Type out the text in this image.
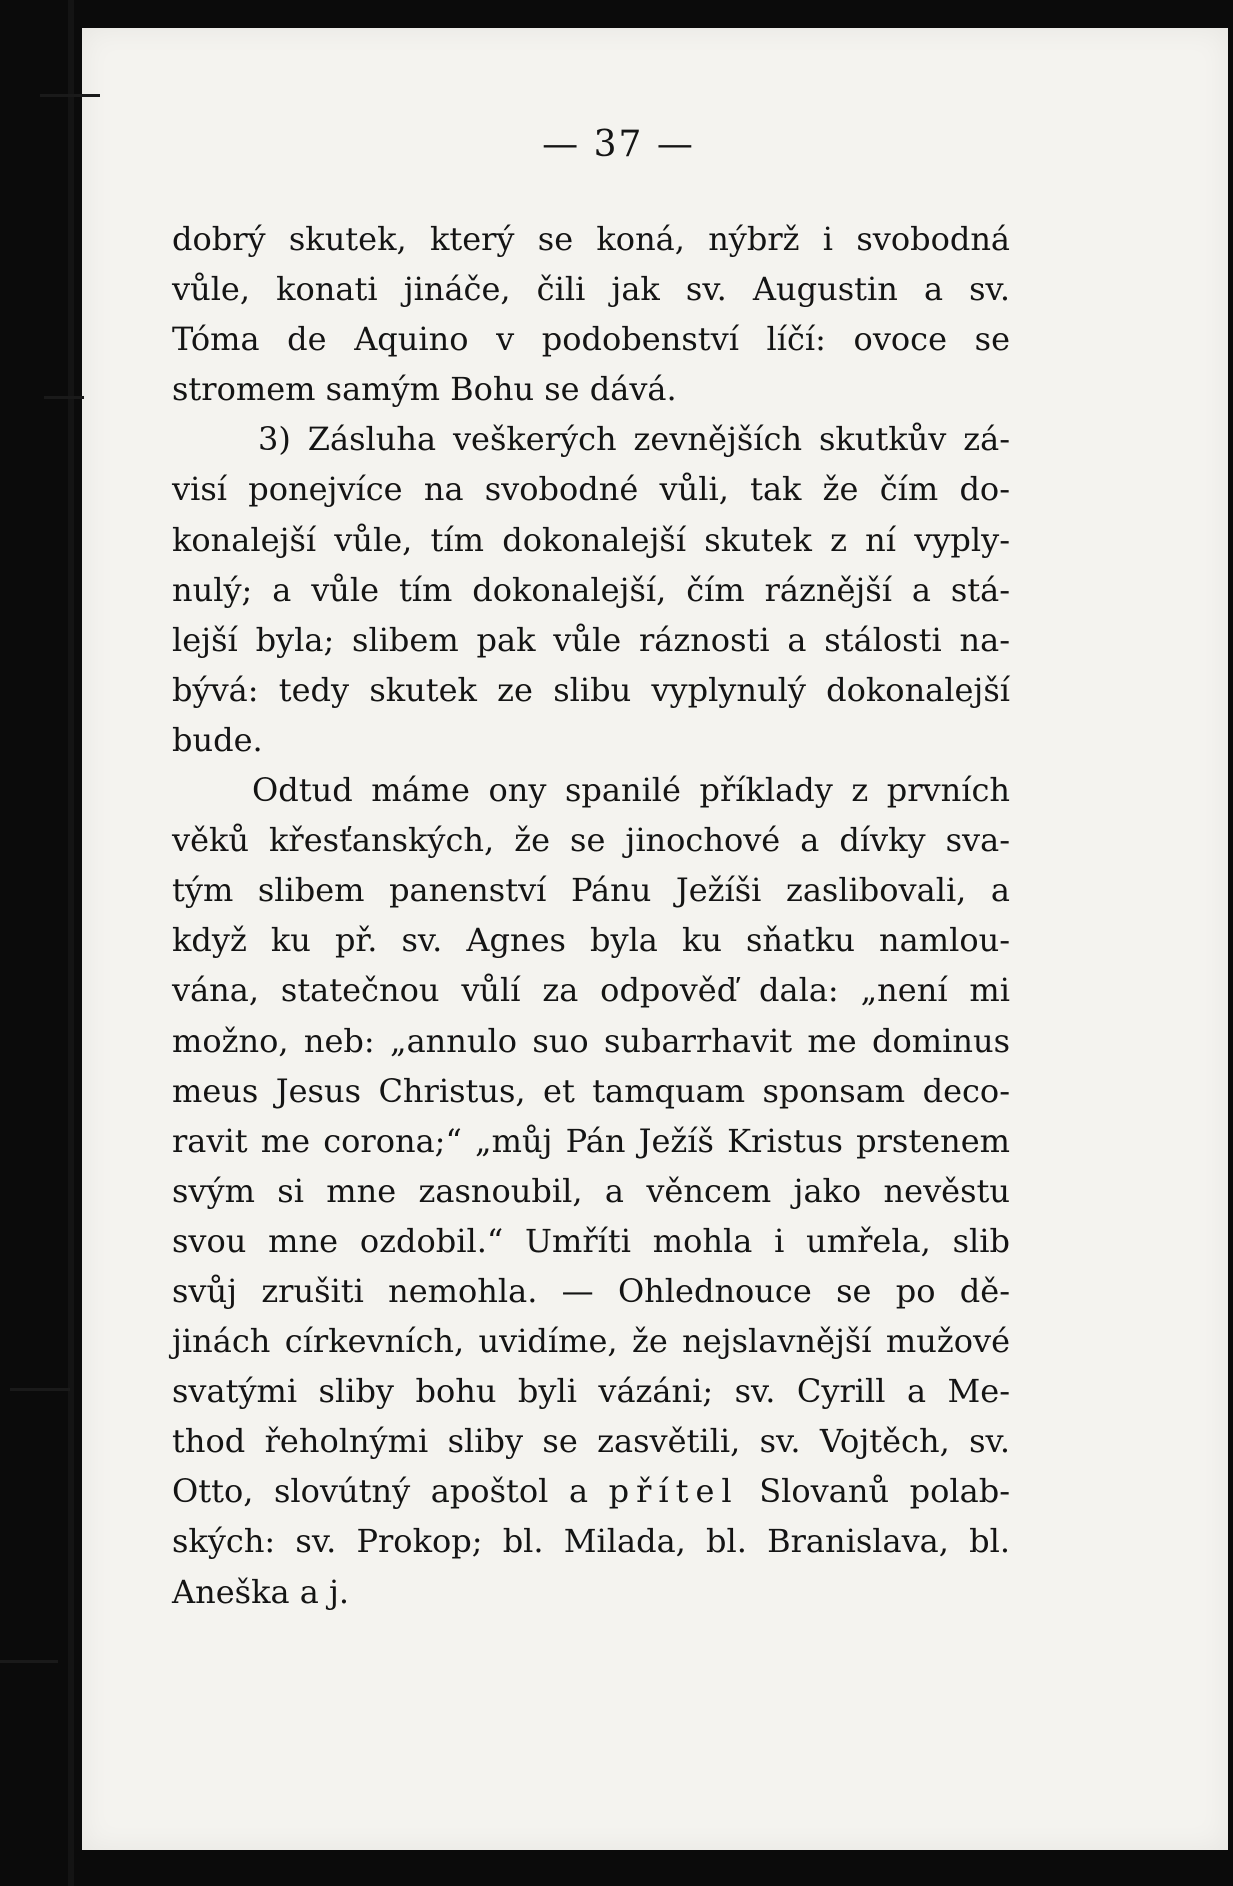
— 37 —
dobrý skutek, který se koná, nýbrž i svobodná
vůle, konati jináče, čili jak sv. Augustin a sv.
Tóma de Aquino v podobenství líčí: ovoce se
stromem samým Bohu se dává.
3) Zásluha veškerých zevnějších skutkův zá-
visí ponejvíce na svobodné vůli, tak že čím do-
konalejší vůle, tím dokonalejší skutek z ní vyply-
nulý; a vůle tím dokonalejší, čím ráznější a stá-
lejší byla; slibem pak vůle ráznosti a stálosti na-
bývá: tedy skutek ze slibu vyplynulý dokonalejší
bude.
Odtud máme ony spanilé příklady z prvních
věků křesťanských, že se jinochové a dívky sva-
tým slibem panenství Pánu Ježíši zaslibovali, a
když ku př. sv. Agnes byla ku sňatku namlou-
vána, statečnou vůlí za odpověď dala: „není mi
možno, neb: „annulo suo subarrhavit me dominus
meus Jesus Christus, et tamquam sponsam deco-
ravit me corona;“ „můj Pán Ježíš Kristus prstenem
svým si mne zasnoubil, a věncem jako nevěstu
svou mne ozdobil.“ Umříti mohla i umřela, slib
svůj zrušiti nemohla. — Ohlednouce se po dě-
jinách církevních, uvidíme, že nejslavnější mužové
svatými sliby bohu byli vázáni; sv. Cyrill a Me-
thod řeholnými sliby se zasvětili, sv. Vojtěch, sv.
Otto, slovútný apoštol a přítel Slovanů polab-
ských: sv. Prokop; bl. Milada, bl. Branislava, bl.
Aneška a j.
